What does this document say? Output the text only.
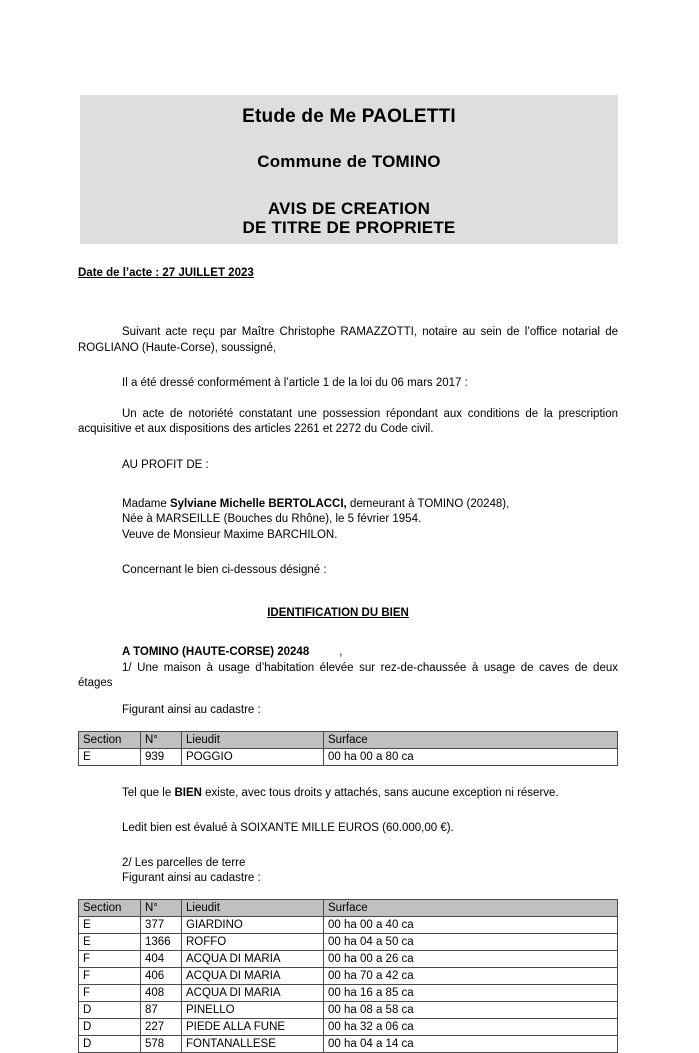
Etude de Me PAOLETTI
Commune de TOMINO
AVIS DE CREATION
DE TITRE DE PROPRIETE
Date de l’acte : 27 JUILLET 2023

Suivant acte reçu par Maître Christophe RAMAZZOTTI, notaire au sein de l’office notarial de ROGLIANO (Haute-Corse), soussigné,

Il a été dressé conformément à l’article 1 de la loi du 06 mars 2017 :

Un acte de notoriété constatant une possession répondant aux conditions de la prescription acquisitive et aux dispositions des articles 2261 et 2272 du Code civil.

AU PROFIT DE :

Madame Sylviane Michelle BERTOLACCI, demeurant à TOMINO (20248),

Née à MARSEILLE (Bouches du Rhône), le 5 février 1954.

Veuve de Monsieur Maxime BARCHILON.

Concernant le bien ci-dessous désigné :

IDENTIFICATION DU BIEN

A TOMINO (HAUTE-CORSE) 20248	,

1/ Une maison à usage d’habitation élevée sur rez-de-chaussée à usage de caves de deux étages

Figurant ainsi au cadastre :

Section	N°	Lieudit	Surface
E	939	POGGIO	00 ha 00 a 80 ca

Tel que le BIEN existe, avec tous droits y attachés, sans aucune exception ni réserve.

Ledit bien est évalué à SOIXANTE MILLE EUROS (60.000,00 €).

2/ Les parcelles de terre

Figurant ainsi au cadastre :

Section	N°	Lieudit	Surface
E	377	GIARDINO	00 ha 00 a 40 ca
E	1366	ROFFO	00 ha 04 a 50 ca
F	404	ACQUA DI MARIA	00 ha 00 a 26 ca
F	406	ACQUA DI MARIA	00 ha 70 a 42 ca
F	408	ACQUA DI MARIA	00 ha 16 a 85 ca
D	87	PINELLO	00 ha 08 a 58 ca
D	227	PIEDE ALLA FUNE	00 ha 32 a 06 ca
D	578	FONTANALLESE	00 ha 04 a 14 ca
